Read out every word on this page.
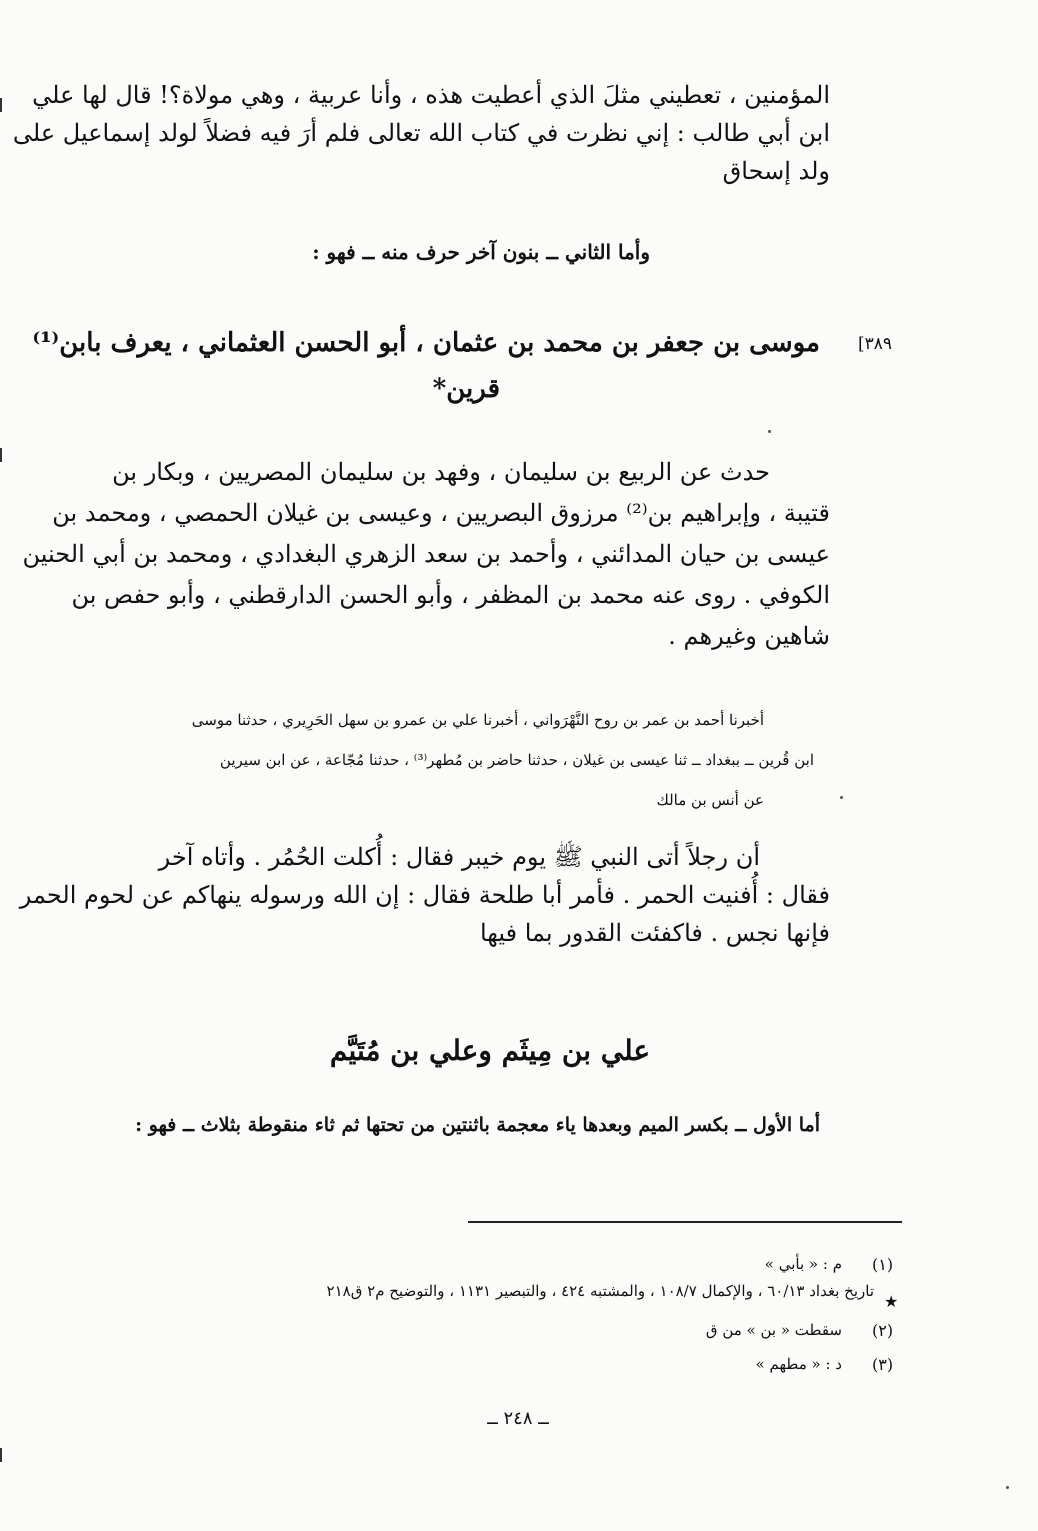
المؤمنين ، تعطيني مثلَ الذي أعطيت هذه ، وأنا عربية ، وهي مولاة؟! قال لها علي
ابن أبي طالب : إني نظرت في كتاب الله تعالى فلم أرَ فيه فضلاً لولد إسماعيل على
ولد إسحاق
وأما الثاني ــ بنون آخر حرف منه ــ فهو :
[٣٨٩
موسى بن جعفر بن محمد بن عثمان ، أبو الحسن العثماني ، يعرف بابن⁽¹⁾
قرين*
حدث عن الربيع بن سليمان ، وفهد بن سليمان المصريين ، وبكار بن
قتيبة ، وإبراهيم بن⁽²⁾ مرزوق البصريين ، وعيسى بن غيلان الحمصي ، ومحمد بن
عيسى بن حيان المدائني ، وأحمد بن سعد الزهري البغدادي ، ومحمد بن أبي الحنين
الكوفي . روى عنه محمد بن المظفر ، وأبو الحسن الدارقطني ، وأبو حفص بن
شاهين وغيرهم .
أخبرنا أحمد بن عمر بن روح النَّهْرَواني ، أخبرنا علي بن عمرو بن سهل الحَرِيري ، حدثنا موسى
ابن قُرين ــ ببغداد ــ ثنا عيسى بن غيلان ، حدثنا حاضر بن مُطهر⁽³⁾ ، حدثنا مُجّاعة ، عن ابن سيرين
عن أنس بن مالك
أن رجلاً أتى النبي ﷺ يوم خيبر فقال : أُكلت الحُمُر . وأتاه آخر
فقال : أُفنيت الحمر . فأمر أبا طلحة فقال : إن الله ورسوله ينهاكم عن لحوم الحمر
فإنها نجس . فاكفئت القدور بما فيها
علي بن مِيثَم وعلي بن مُتَيَّم
أما الأول ــ بكسر الميم وبعدها ياء معجمة باثنتين من تحتها ثم ثاء منقوطة بثلاث ــ فهو :
(١)
م : « بأبي »
★
تاريخ بغداد ٦٠/١٣ ، والإكمال ١٠٨/٧ ، والمشتبه ٤٢٤ ، والتبصير ١١٣١ ، والتوضيح م٢ ق٢١٨
(٢)
سقطت « بن » من ق
(٣)
د : « مطهم »
ــ ٢٤٨ ــ
